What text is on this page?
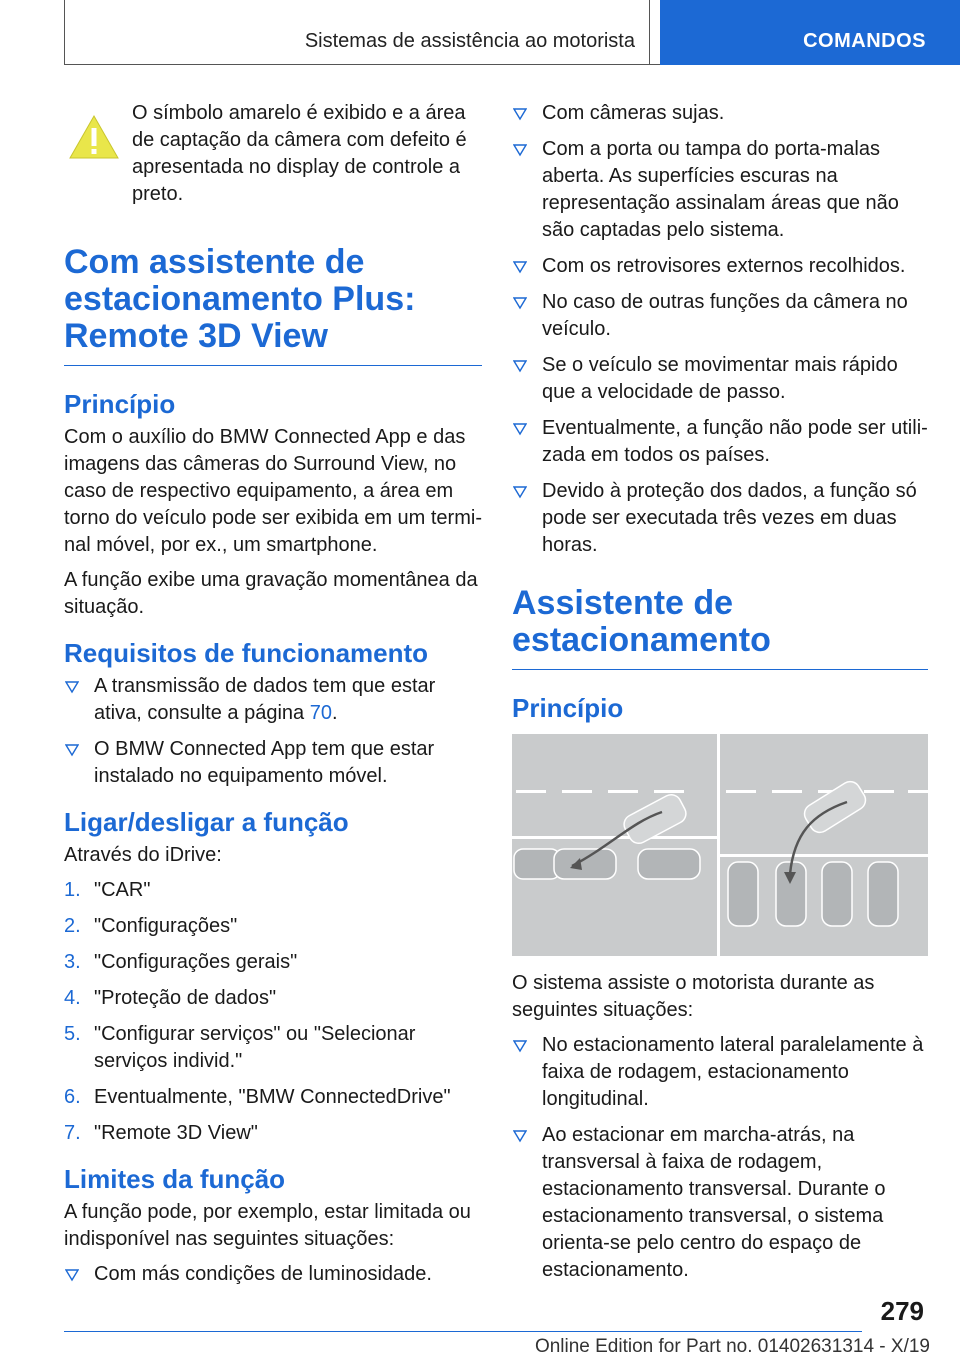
Sistemas de assistência ao motorista	COMANDOS

O símbolo amarelo é exibido e a área de captação da câmera com defeito é apresentada no display de controle a preto.

Com assistente de estacionamento Plus: Remote 3D View
Princípio

Com o auxílio do BMW Connected App e das imagens das câmeras do Surround View, no caso de respectivo equipamento, a área em torno do veículo pode ser exibida em um terminal móvel, por ex., um smartphone.

A função exibe uma gravação momentânea da situação.

Requisitos de funcionamento
A transmissão de dados tem que estar ativa, consulte a página 70.
O BMW Connected App tem que estar instalado no equipamento móvel.
Ligar/desligar a função

Através do iDrive:

1. "CAR"
2. "Configurações"
3. "Configurações gerais"
4. "Proteção de dados"
5. "Configurar serviços" ou "Selecionar serviços individ."
6. Eventualmente, "BMW ConnectedDrive"
7. "Remote 3D View"
Limites da função

A função pode, por exemplo, estar limitada ou indisponível nas seguintes situações:

Com más condições de luminosidade.
Com câmeras sujas.
Com a porta ou tampa do porta-malas aberta. As superfícies escuras na representação assinalam áreas que não são captadas pelo sistema.
Com os retrovisores externos recolhidos.
No caso de outras funções da câmera no veículo.
Se o veículo se movimentar mais rápido que a velocidade de passo.
Eventualmente, a função não pode ser utilizada em todos os países.
Devido à proteção dos dados, a função só pode ser executada três vezes em duas horas.
Assistente de estacionamento
Princípio

O sistema assiste o motorista durante as seguintes situações:

No estacionamento lateral paralelamente à faixa de rodagem, estacionamento longitudinal.
Ao estacionar em marcha-atrás, na transversal à faixa de rodagem, estacionamento transversal. Durante o estacionamento transversal, o sistema orienta-se pelo centro do espaço de estacionamento.
279
Online Edition for Part no. 01402631314 - X/19
